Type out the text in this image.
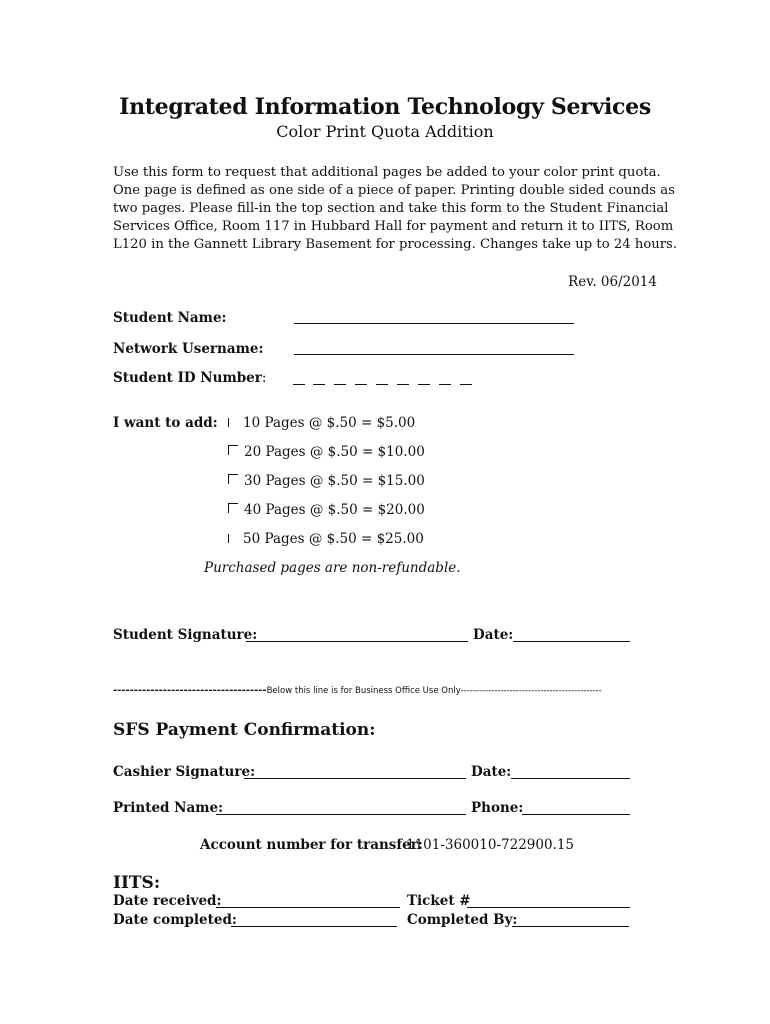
Integrated Information Technology Services
Color Print Quota Addition
Use this form to request that additional pages be added to your color print quota.
One page is defined as one side of a piece of paper. Printing double sided counds as
two pages. Please fill-in the top section and take this form to the Student Financial
Services Office, Room 117 in Hubbard Hall for payment and return it to IITS, Room
L120 in the Gannett Library Basement for processing. Changes take up to 24 hours.
Rev. 06/2014
Student Name:
Network Username:
Student ID Number:
I want to add:	10 Pages @ $.50 = $5.00
20 Pages @ $.50 = $10.00
30 Pages @ $.50 = $15.00
40 Pages @ $.50 = $20.00
50 Pages @ $.50 = $25.00
Purchased pages are non-refundable.
Student Signature:	Date:
-------------------------------------Below this line is for Business Office Use Only----------------------------------------------
SFS Payment Confirmation:
Cashier Signature:	Date:
Printed Name:	Phone:
Account number for transfer:
1101-360010-722900.15
IITS:
Date received:	Ticket #
Date completed:	Completed By:
